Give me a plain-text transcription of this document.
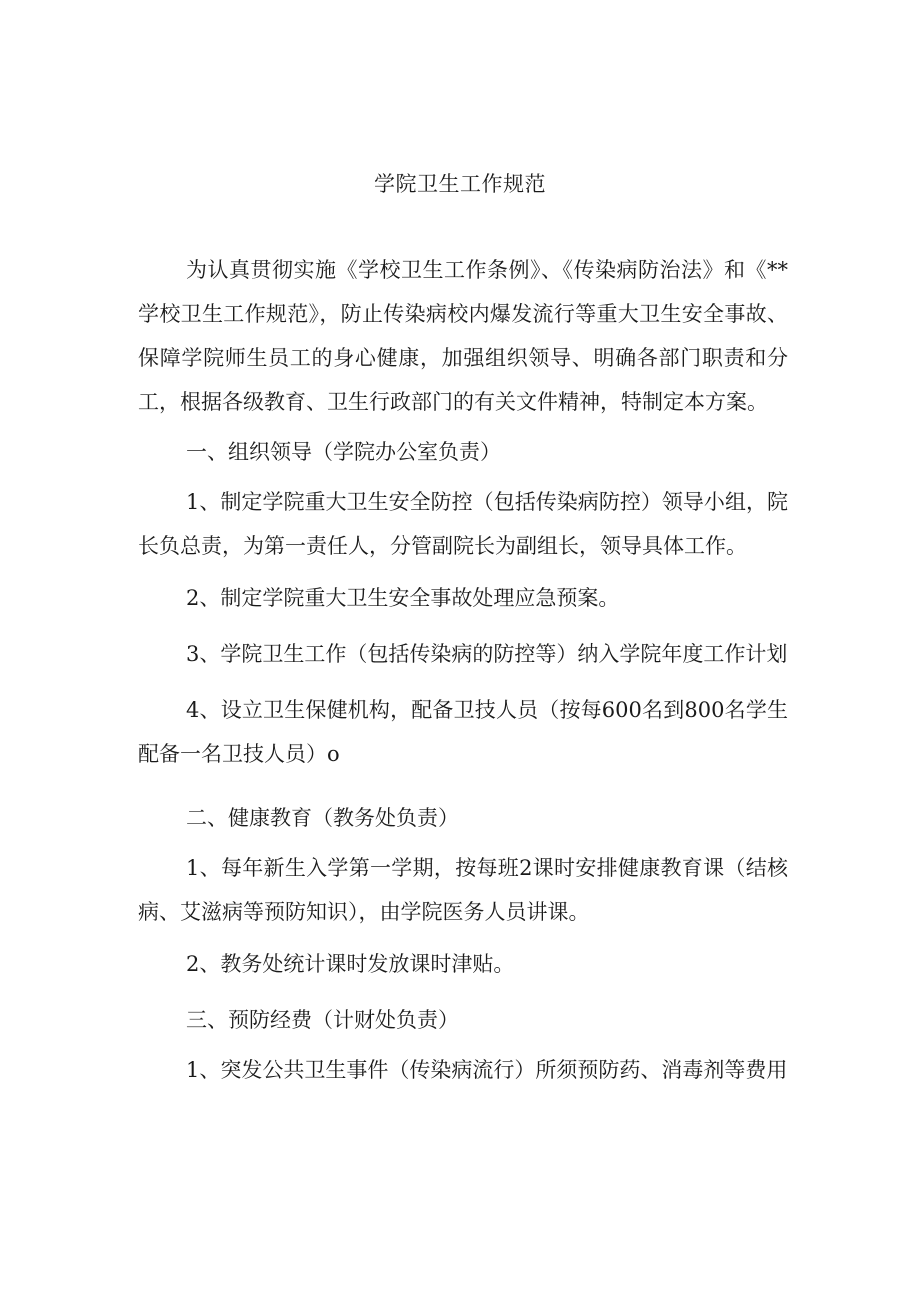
学院卫生工作规范

为认真贯彻实施《学校卫生工作条例》、《传染病防治法》和《**学校卫生工作规范》，防止传染病校内爆发流行等重大卫生安全事故、保障学院师生员工的身心健康，加强组织领导、明确各部门职责和分工，根据各级教育、卫生行政部门的有关文件精神，特制定本方案。

一、组织领导（学院办公室负责）

1、制定学院重大卫生安全防控（包括传染病防控）领导小组，院长负总责，为第一责任人，分管副院长为副组长，领导具体工作。

2、制定学院重大卫生安全事故处理应急预案。

3、学院卫生工作（包括传染病的防控等）纳入学院年度工作计划

4、设立卫生保健机构，配备卫技人员（按每600名到800名学生配备一名卫技人员）o

二、健康教育（教务处负责）

1、每年新生入学第一学期，按每班2课时安排健康教育课（结核病、艾滋病等预防知识），由学院医务人员讲课。

2、教务处统计课时发放课时津贴。

三、预防经费（计财处负责）

1、突发公共卫生事件（传染病流行）所须预防药、消毒剂等费用
